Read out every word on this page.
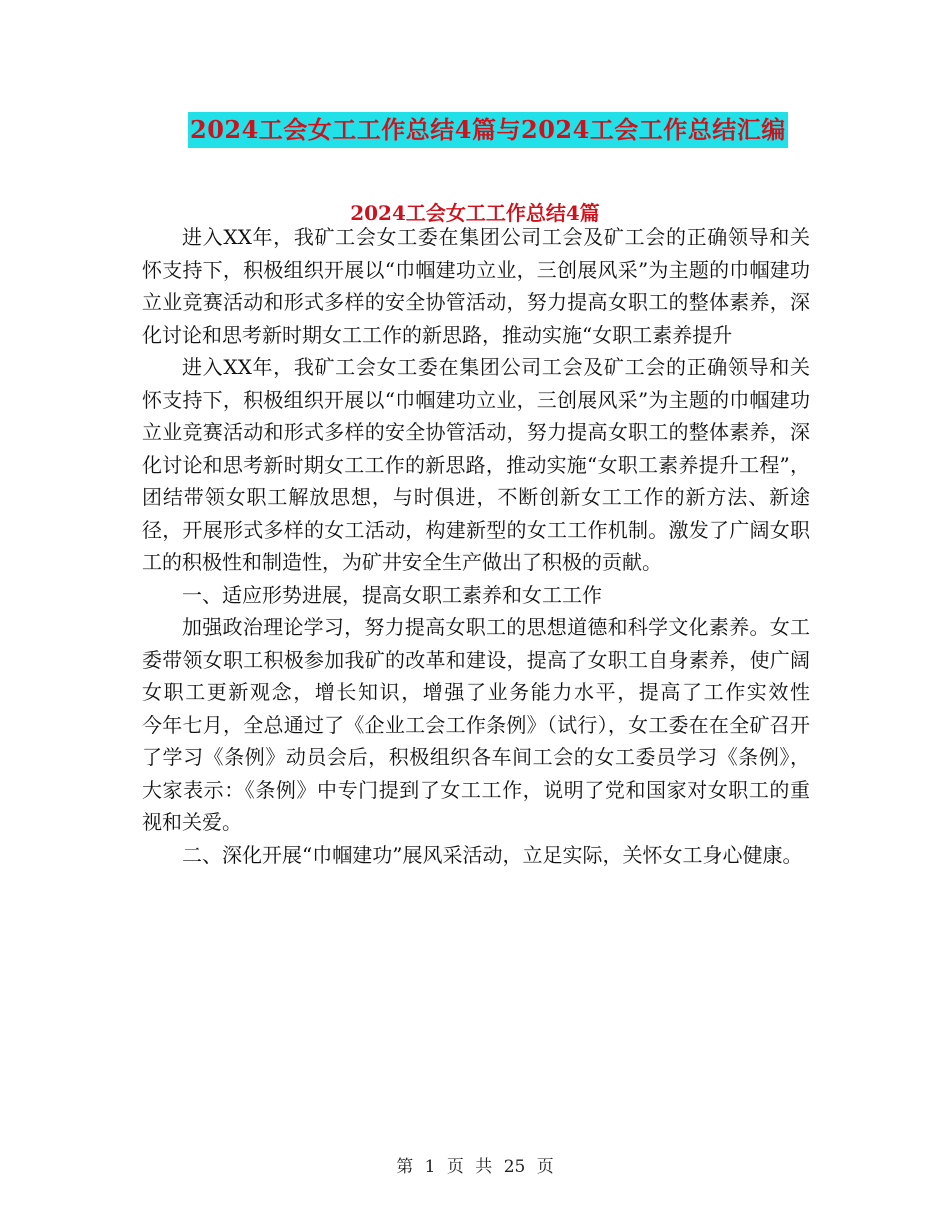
2024工会女工工作总结4篇与2024工会工作总结汇编
2024工会女工工作总结4篇

进入XX年，我矿工会女工委在集团公司工会及矿工会的正确领导和关怀支持下，积极组织开展以“巾帼建功立业，三创展风采”为主题的巾帼建功立业竞赛活动和形式多样的安全协管活动，努力提高女职工的整体素养，深化讨论和思考新时期女工工作的新思路，推动实施“女职工素养提升

进入XX年，我矿工会女工委在集团公司工会及矿工会的正确领导和关怀支持下，积极组织开展以“巾帼建功立业，三创展风采”为主题的巾帼建功立业竞赛活动和形式多样的安全协管活动，努力提高女职工的整体素养，深化讨论和思考新时期女工工作的新思路，推动实施“女职工素养提升工程”，团结带领女职工解放思想，与时俱进，不断创新女工工作的新方法、新途径，开展形式多样的女工活动，构建新型的女工工作机制。激发了广阔女职工的积极性和制造性，为矿井安全生产做出了积极的贡献。

一、适应形势进展，提高女职工素养和女工工作

加强政治理论学习，努力提高女职工的思想道德和科学文化素养。女工委带领女职工积极参加我矿的改革和建设，提高了女职工自身素养，使广阔女职工更新观念，增长知识，增强了业务能力水平，提高了工作实效性　　今年七月，全总通过了《企业工会工作条例》（试行），女工委在在全矿召开了学习《条例》动员会后，积极组织各车间工会的女工委员学习《条例》，大家表示：《条例》中专门提到了女工工作，说明了党和国家对女职工的重视和关爱。

二、深化开展“巾帼建功”展风采活动，立足实际，关怀女工身心健康。

第 1 页 共 25 页
